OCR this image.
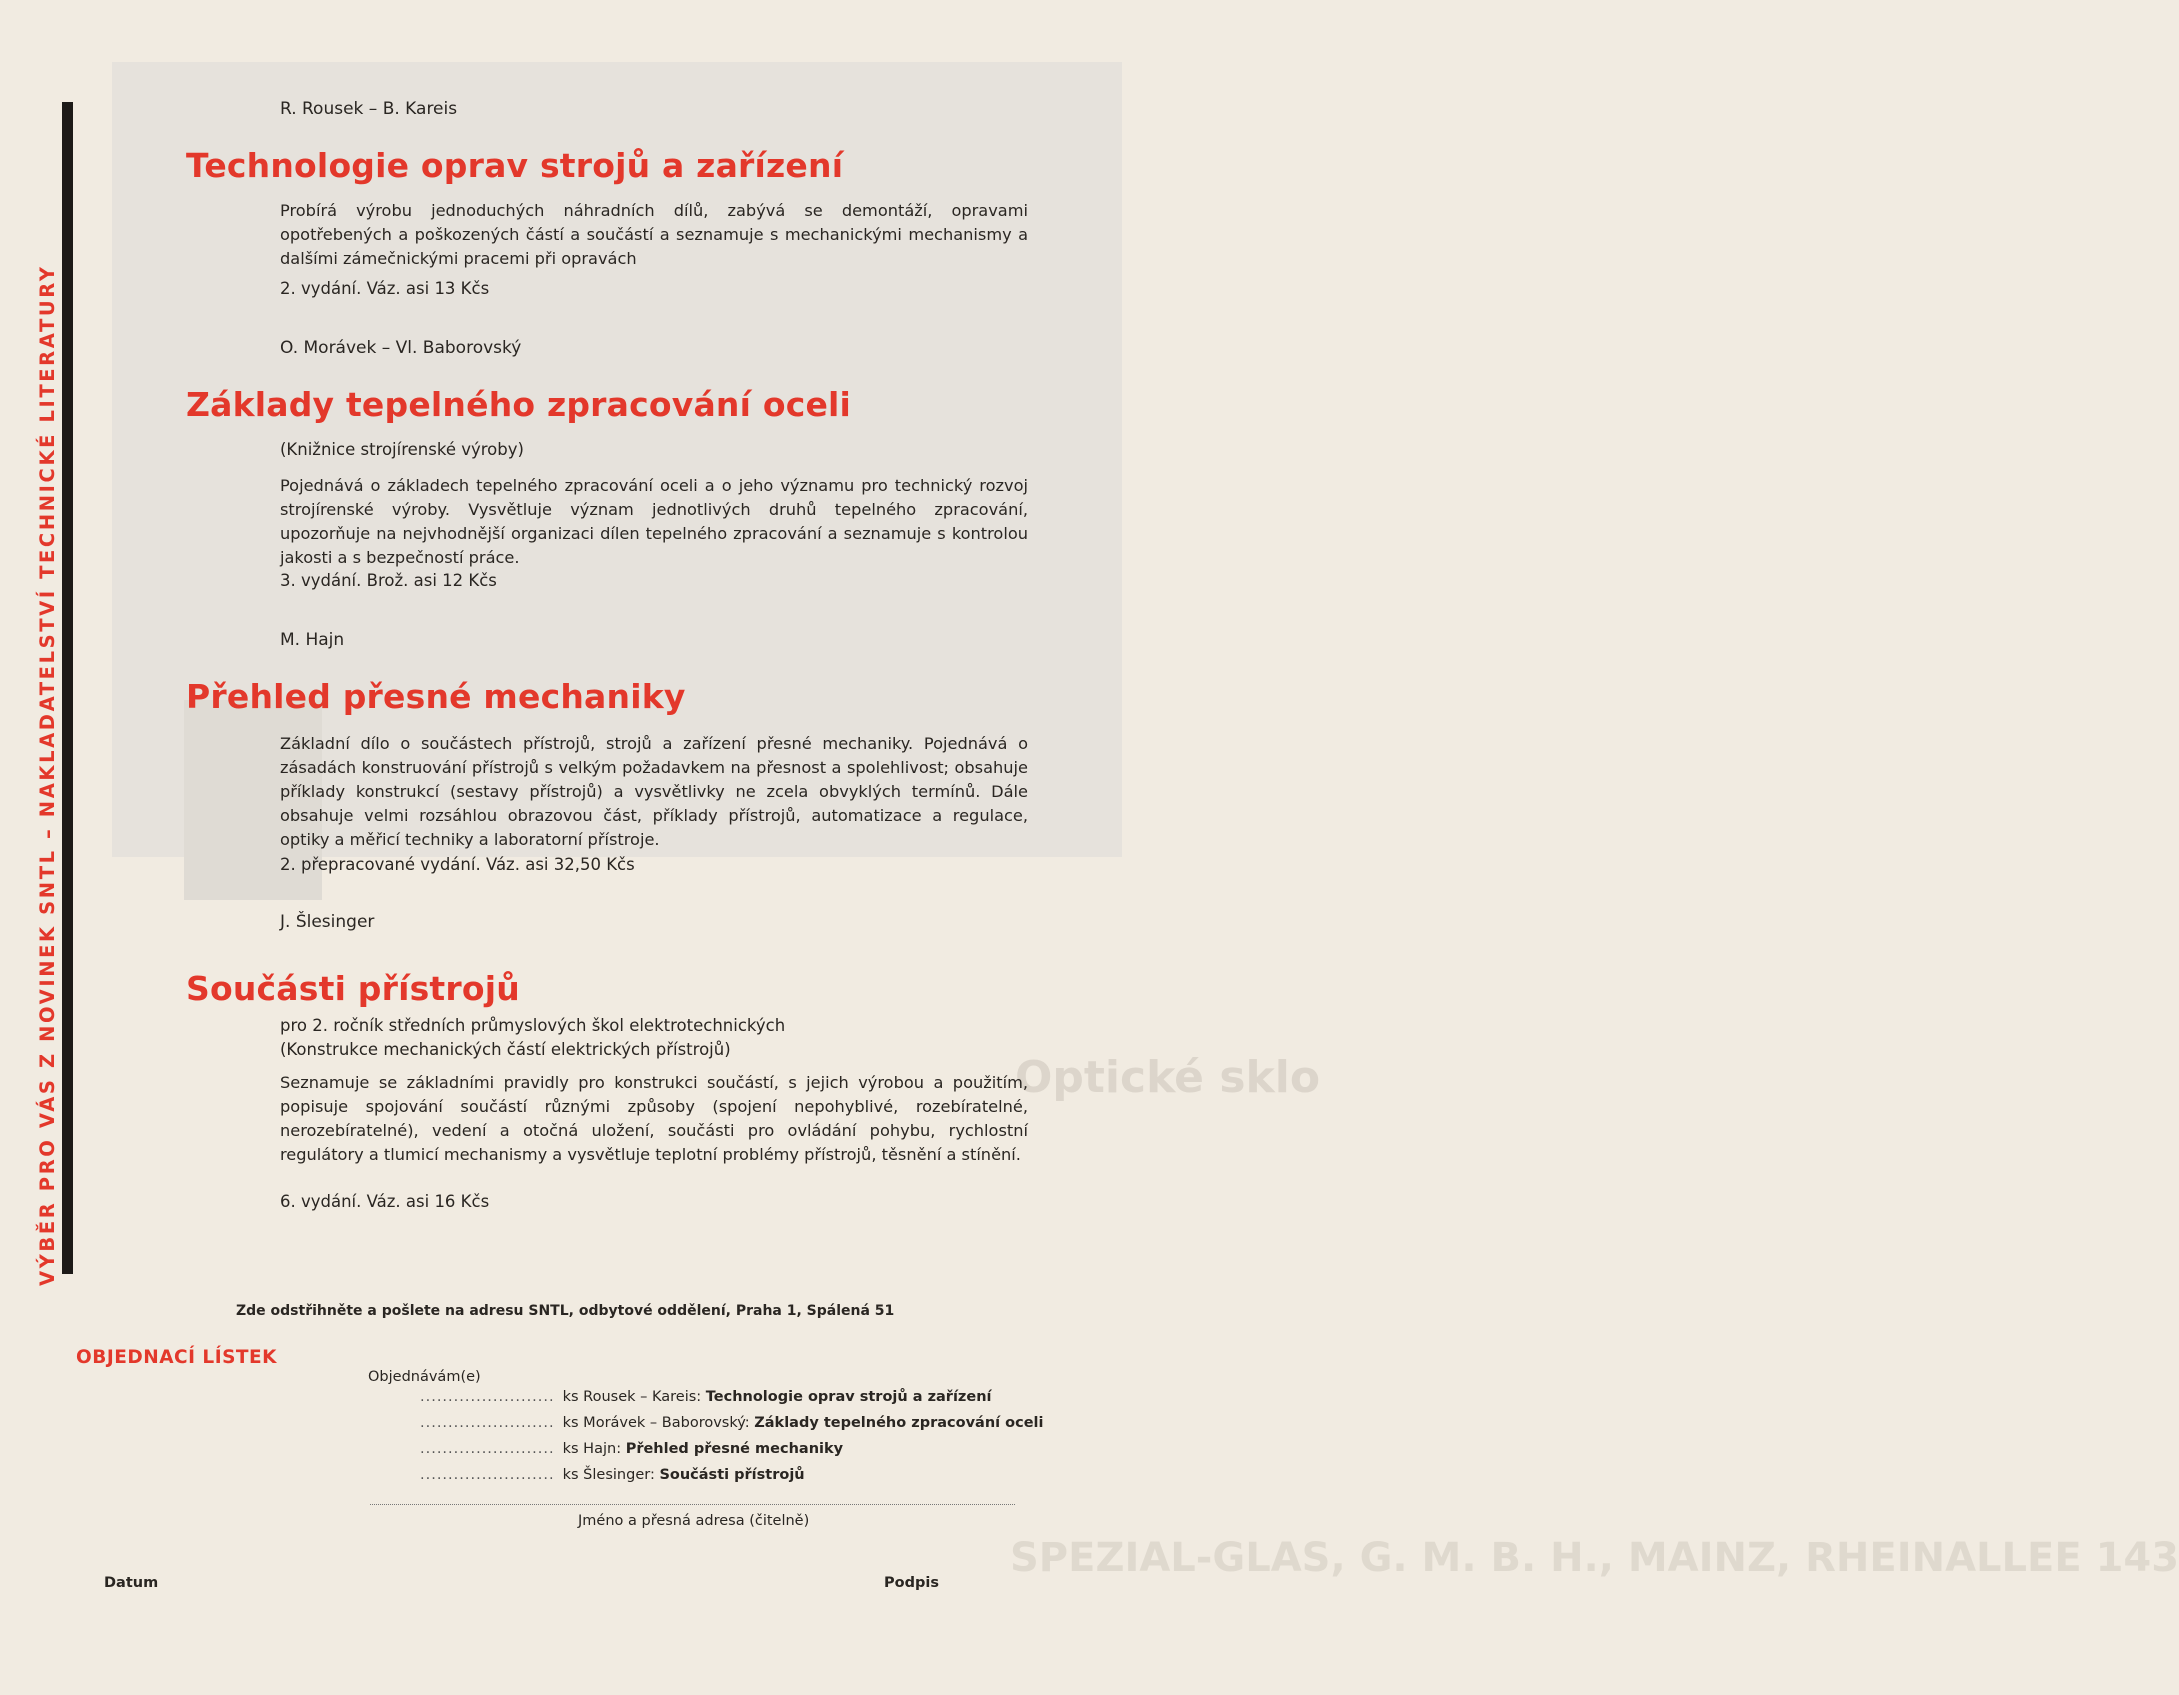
Optické sklo
SPEZIAL-GLAS, G. M. B. H., MAINZ, RHEINALLEE 143
VÝBĚR PRO VÁS Z NOVINEK SNTL – NAKLADATELSTVÍ TECHNICKÉ LITERATURY
R. Rousek – B. Kareis
Technologie oprav strojů a zařízení
Probírá výrobu jednoduchých náhradních dílů, zabývá se demontáží, opravami opotřebených a poškozených částí a součástí a seznamuje s mechanickými mechanismy a dalšími zámečnickými pracemi při opravách
2. vydání. Váz. asi 13 Kčs
O. Morávek – Vl. Baborovský
Základy tepelného zpracování oceli
(Knižnice strojírenské výroby)
Pojednává o základech tepelného zpracování oceli a o jeho významu pro technický rozvoj strojírenské výroby. Vysvětluje význam jednotlivých druhů tepelného zpracování, upozorňuje na nejvhodnější organizaci dílen tepelného zpracování a seznamuje s kontrolou jakosti a s bezpečností práce.
3. vydání. Brož. asi 12 Kčs
M. Hajn
Přehled přesné mechaniky
Základní dílo o součástech přístrojů, strojů a zařízení přesné mechaniky. Pojednává o zásadách konstruování přístrojů s velkým požadavkem na přesnost a spolehlivost; obsahuje příklady konstrukcí (sestavy přístrojů) a vysvětlivky ne zcela obvyklých termínů. Dále obsahuje velmi rozsáhlou obrazovou část, příklady přístrojů, automatizace a regulace, optiky a měřicí techniky a laboratorní přístroje.
2. přepracované vydání. Váz. asi 32,50 Kčs
J. Šlesinger
Součásti přístrojů
pro 2. ročník středních průmyslových škol elektrotechnických
(Konstrukce mechanických částí elektrických přístrojů)
Seznamuje se základními pravidly pro konstrukci součástí, s jejich výrobou a použitím, popisuje spojování součástí různými způsoby (spojení nepohyblivé, rozebíratelné, nerozebíratelné), vedení a otočná uložení, součásti pro ovládání pohybu, rychlostní regulátory a tlumicí mechanismy a vysvětluje teplotní problémy přístrojů, těsnění a stínění.
6. vydání. Váz. asi 16 Kčs
Zde odstřihněte a pošlete na adresu SNTL, odbytové oddělení, Praha 1, Spálená 51
OBJEDNACÍ LÍSTEK
Objednávám(e)
........................ ks Rousek – Kareis: Technologie oprav strojů a zařízení
........................ ks Morávek – Baborovský: Základy tepelného zpracování oceli
........................ ks Hajn: Přehled přesné mechaniky
........................ ks Šlesinger: Součásti přístrojů
Jméno a přesná adresa (čitelně)
Datum	Podpis
